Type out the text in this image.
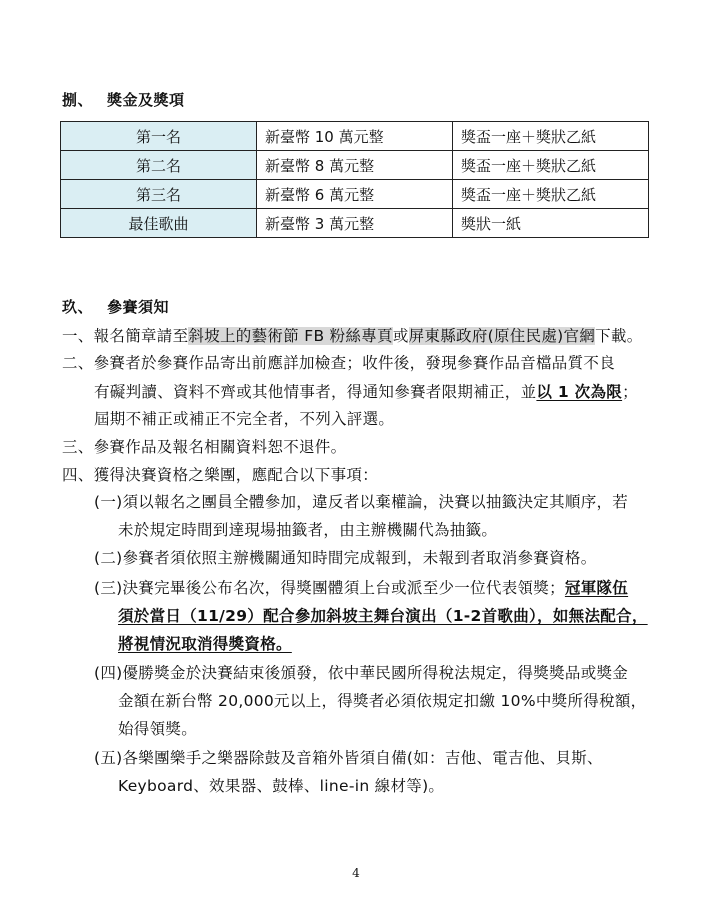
捌、 獎金及獎項
第一名	新臺幣 10 萬元整	獎盃一座＋獎狀乙紙
第二名	新臺幣 8 萬元整	獎盃一座＋獎狀乙紙
第三名	新臺幣 6 萬元整	獎盃一座＋獎狀乙紙
最佳歌曲	新臺幣 3 萬元整	獎狀一紙
玖、 參賽須知
一、報名簡章請至斜坡上的藝術節 FB 粉絲專頁或屏東縣政府(原住民處)官網下載。
二、參賽者於參賽作品寄出前應詳加檢查；收件後，發現參賽作品音檔品質不良
有礙判讀、資料不齊或其他情事者，得通知參賽者限期補正，並以 1 次為限；
屆期不補正或補正不完全者，不列入評選。
三、參賽作品及報名相關資料恕不退件。
四、獲得決賽資格之樂團，應配合以下事項：
(一)須以報名之團員全體參加，違反者以棄權論，決賽以抽籤決定其順序，若
未於規定時間到達現場抽籤者，由主辦機關代為抽籤。
(二)參賽者須依照主辦機關通知時間完成報到，未報到者取消參賽資格。
(三)決賽完畢後公布名次，得獎團體須上台或派至少一位代表領獎；冠軍隊伍
須於當日（11/29）配合參加斜坡主舞台演出（1-2首歌曲），如無法配合，
將視情況取消得獎資格。
(四)優勝獎金於決賽結束後頒發，依中華民國所得稅法規定，得獎獎品或獎金
金額在新台幣 20,000元以上，得獎者必須依規定扣繳 10%中獎所得稅額，
始得領獎。
(五)各樂團樂手之樂器除鼓及音箱外皆須自備(如：吉他、電吉他、貝斯、
Keyboard、效果器、鼓棒、line-in 線材等)。
4
